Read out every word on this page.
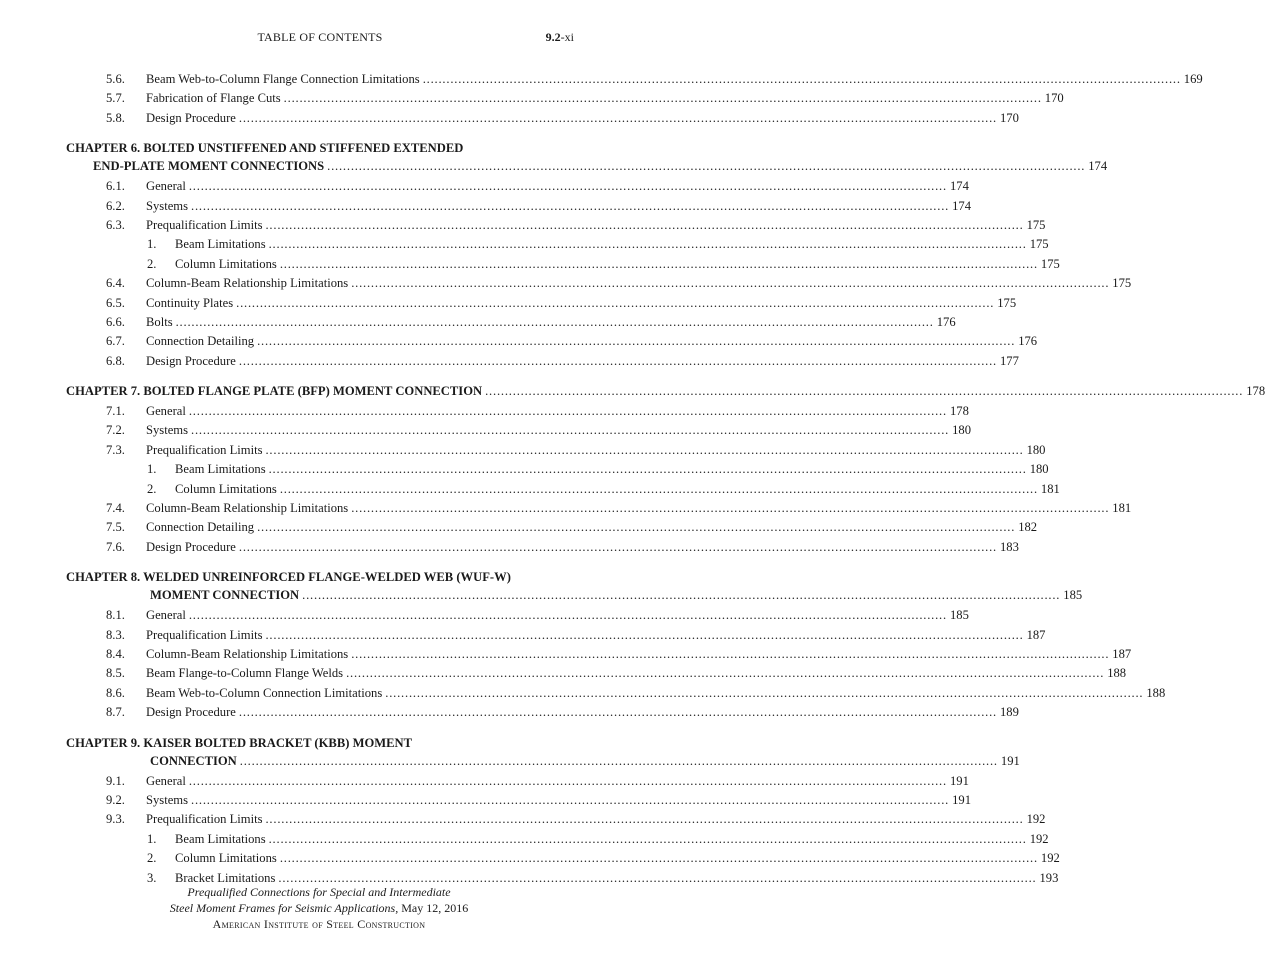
TABLE OF CONTENTS	9.2-xi
5.6. Beam Web-to-Column Flange Connection Limitations ................................................................................................................................................................................................ 169
5.7. Fabrication of Flange Cuts ................................................................................................................................................................................................ 170
5.8. Design Procedure ................................................................................................................................................................................................ 170
CHAPTER 6. BOLTED UNSTIFFENED AND STIFFENED EXTENDED
END-PLATE MOMENT CONNECTIONS ................................................................................................................................................................................................ 174
6.1. General ................................................................................................................................................................................................ 174
6.2. Systems ................................................................................................................................................................................................ 174
6.3. Prequalification Limits ................................................................................................................................................................................................ 175
1. Beam Limitations ................................................................................................................................................................................................ 175
2. Column Limitations ................................................................................................................................................................................................ 175
6.4. Column-Beam Relationship Limitations ................................................................................................................................................................................................ 175
6.5. Continuity Plates ................................................................................................................................................................................................ 175
6.6. Bolts ................................................................................................................................................................................................ 176
6.7. Connection Detailing ................................................................................................................................................................................................ 176
6.8. Design Procedure ................................................................................................................................................................................................ 177
CHAPTER 7. BOLTED FLANGE PLATE (BFP) MOMENT CONNECTION ................................................................................................................................................................................................ 178
7.1. General ................................................................................................................................................................................................ 178
7.2. Systems ................................................................................................................................................................................................ 180
7.3. Prequalification Limits ................................................................................................................................................................................................ 180
1. Beam Limitations ................................................................................................................................................................................................ 180
2. Column Limitations ................................................................................................................................................................................................ 181
7.4. Column-Beam Relationship Limitations ................................................................................................................................................................................................ 181
7.5. Connection Detailing ................................................................................................................................................................................................ 182
7.6. Design Procedure ................................................................................................................................................................................................ 183
CHAPTER 8. WELDED UNREINFORCED FLANGE-WELDED WEB (WUF-W)
MOMENT CONNECTION ................................................................................................................................................................................................ 185
8.1. General ................................................................................................................................................................................................ 185
8.3. Prequalification Limits ................................................................................................................................................................................................ 187
8.4. Column-Beam Relationship Limitations ................................................................................................................................................................................................ 187
8.5. Beam Flange-to-Column Flange Welds ................................................................................................................................................................................................ 188
8.6. Beam Web-to-Column Connection Limitations ................................................................................................................................................................................................ 188
8.7. Design Procedure ................................................................................................................................................................................................ 189
CHAPTER 9. KAISER BOLTED BRACKET (KBB) MOMENT
CONNECTION ................................................................................................................................................................................................ 191
9.1. General ................................................................................................................................................................................................ 191
9.2. Systems ................................................................................................................................................................................................ 191
9.3. Prequalification Limits ................................................................................................................................................................................................ 192
1. Beam Limitations ................................................................................................................................................................................................ 192
2. Column Limitations ................................................................................................................................................................................................ 192
3. Bracket Limitations ................................................................................................................................................................................................ 193
Prequalified Connections for Special and Intermediate
Steel Moment Frames for Seismic Applications, May 12, 2016
American Institute of Steel Construction
